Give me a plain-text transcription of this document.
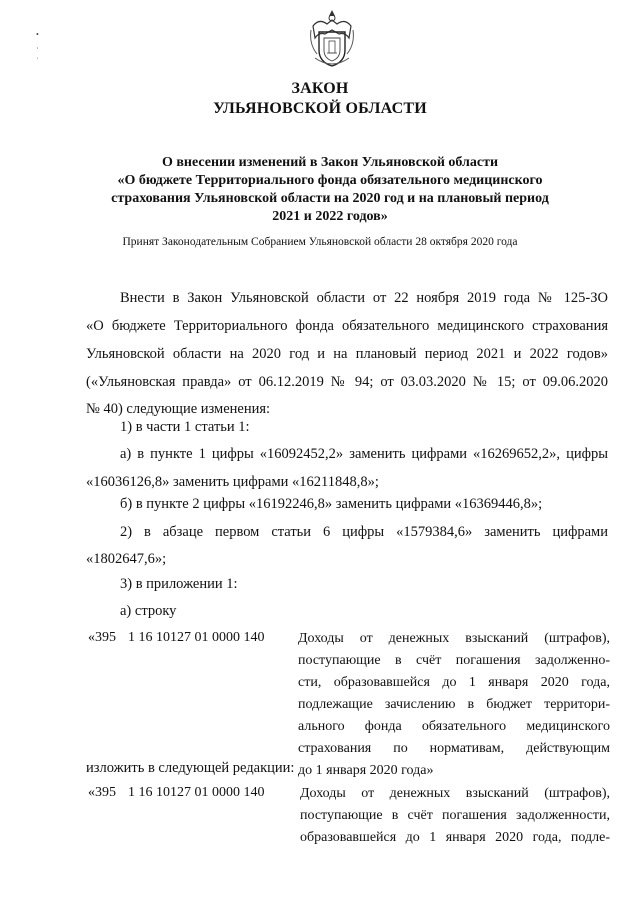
•
·
˙
ЗАКОН
УЛЬЯНОВСКОЙ ОБЛАСТИ
О внесении изменений в Закон Ульяновской области
«О бюджете Территориального фонда обязательного медицинского
страхования Ульяновской области на 2020 год и на плановый период
2021 и 2022 годов»
Принят Законодательным Собранием Ульяновской области 28 октября 2020 года
Внести в Закон Ульяновской области от 22 ноября 2019 года № 125-ЗО
«О бюджете Территориального фонда обязательного медицинского страхования
Ульяновской области на 2020 год и на плановый период 2021 и 2022 годов»
(«Ульяновская правда» от 06.12.2019 № 94; от 03.03.2020 № 15; от 09.06.2020
№ 40) следующие изменения:
1) в части 1 статьи 1:
а) в пункте 1 цифры «16092452,2» заменить цифрами «16269652,2», цифры
«16036126,8» заменить цифрами «16211848,8»;
б) в пункте 2 цифры «16192246,8» заменить цифрами «16369446,8»;
2) в абзаце первом статьи 6 цифры «1579384,6» заменить цифрами
«1802647,6»;
3) в приложении 1:
а) строку
«395 1 16 10127 01 0000 140 Доходы от денежных взысканий (штрафов),
поступающие в счёт погашения задолженно-
сти, образовавшейся до 1 января 2020 года,
подлежащие зачислению в бюджет территори-
ального фонда обязательного медицинского
страхования по нормативам, действующим
до 1 января 2020 года»
изложить в следующей редакции:
«395 1 16 10127 01 0000 140	Доходы от денежных взысканий (штрафов),
поступающие в счёт погашения задолженности,
образовавшейся до 1 января 2020 года, подле-
